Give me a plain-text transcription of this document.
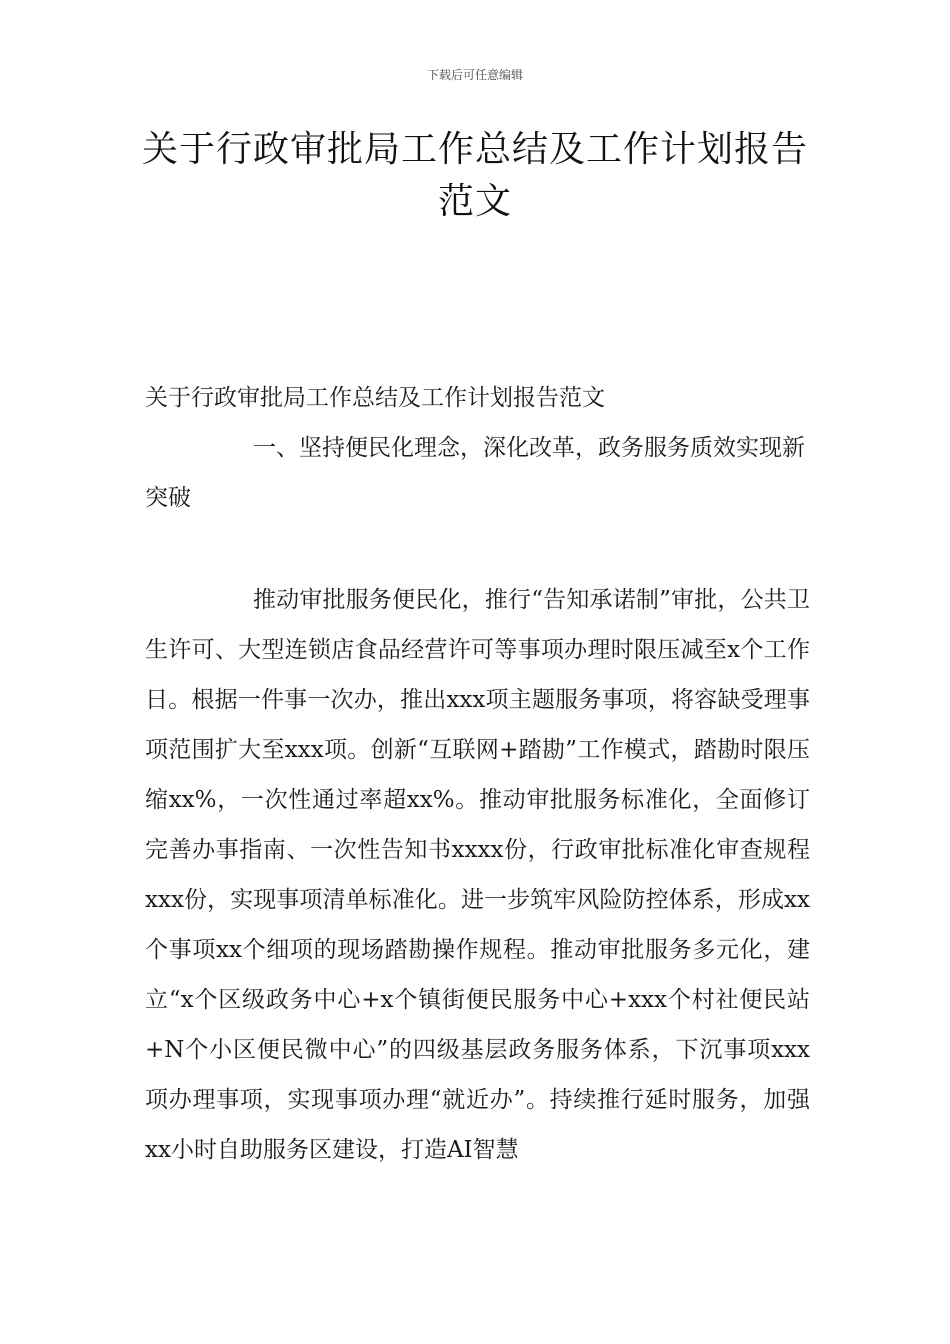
下载后可任意编辑
关于行政审批局工作总结及工作计划报告范文
关于行政审批局工作总结及工作计划报告范文
一、坚持便民化理念，深化改革，政务服务质效实现新突破
推动审批服务便民化，推行“告知承诺制”审批，公共卫生许可、大型连锁店食品经营许可等事项办理时限压减至x个工作日。根据一件事一次办，推出xxx项主题服务事项，将容缺受理事项范围扩大至xxx项。创新“互联网+踏勘”工作模式，踏勘时限压缩xx%，一次性通过率超xx%。推动审批服务标准化，全面修订完善办事指南、一次性告知书xxxx份，行政审批标准化审查规程xxx份，实现事项清单标准化。进一步筑牢风险防控体系，形成xx个事项xx个细项的现场踏勘操作规程。推动审批服务多元化，建立“x个区级政务中心+x个镇街便民服务中心+xxx个村社便民站+N个小区便民微中心”的四级基层政务服务体系，下沉事项xxx项办理事项，实现事项办理“就近办”。持续推行延时服务，加强xx小时自助服务区建设，打造AI智慧
